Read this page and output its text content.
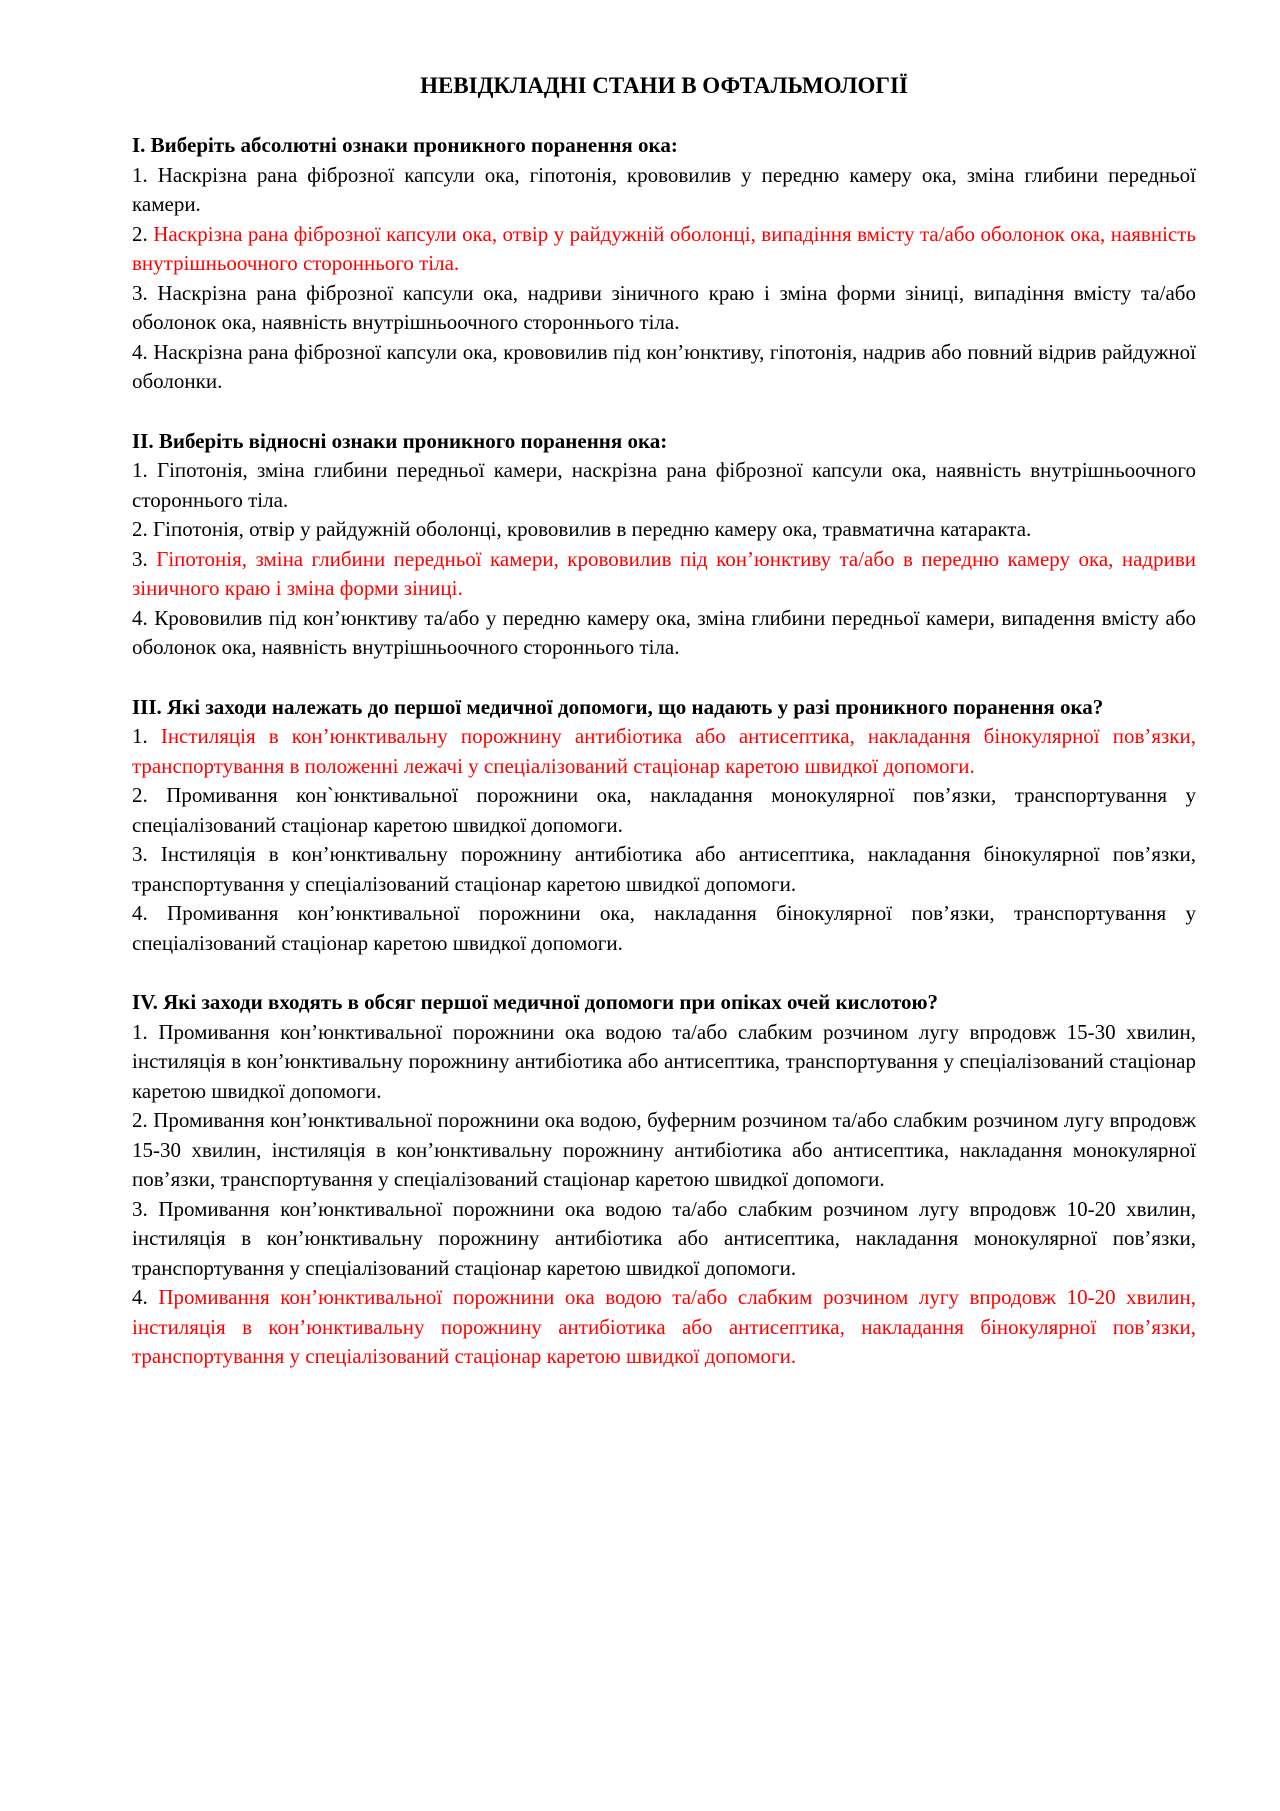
НЕВІДКЛАДНІ СТАНИ В ОФТАЛЬМОЛОГІЇ

I. Виберіть абсолютні ознаки проникного поранення ока:

1. Наскрізна рана фіброзної капсули ока, гіпотонія, крововилив у передню камеру ока, зміна глибини передньої камери.

2. Наскрізна рана фіброзної капсули ока, отвір у райдужній оболонці, випадіння вмісту та/або оболонок ока, наявність внутрішньоочного стороннього тіла.

3. Наскрізна рана фіброзної капсули ока, надриви зіничного краю і зміна форми зіниці, випадіння вмісту та/або оболонок ока, наявність внутрішньоочного стороннього тіла.

4. Наскрізна рана фіброзної капсули ока, крововилив під кон’юнктиву, гіпотонія, надрив або повний відрив райдужної оболонки.

II. Виберіть відносні ознаки проникного поранення ока:

1. Гіпотонія, зміна глибини передньої камери, наскрізна рана фіброзної капсули ока, наявність внутрішньоочного стороннього тіла.

2. Гіпотонія, отвір у райдужній оболонці, крововилив в передню камеру ока, травматична катаракта.

3. Гіпотонія, зміна глибини передньої камери, крововилив під кон’юнктиву та/або в передню камеру ока, надриви зіничного краю і зміна форми зіниці.

4. Крововилив під кон’юнктиву та/або у передню камеру ока, зміна глибини передньої камери, випадення вмісту або оболонок ока, наявність внутрішньоочного стороннього тіла.

III. Які заходи належать до першої медичної допомоги, що надають у разі проникного поранення ока?

1. Інстиляція в кон’юнктивальну порожнину антибіотика або антисептика, накладання бінокулярної пов’язки, транспортування в положенні лежачі у спеціалізований стаціонар каретою швидкої допомоги.

2. Промивання кон`юнктивальної порожнини ока, накладання монокулярної пов’язки, транспортування у спеціалізований стаціонар каретою швидкої допомоги.

3. Інстиляція в кон’юнктивальну порожнину антибіотика або антисептика, накладання бінокулярної пов’язки, транспортування у спеціалізований стаціонар каретою швидкої допомоги.

4. Промивання кон’юнктивальної порожнини ока, накладання бінокулярної пов’язки, транспортування у спеціалізований стаціонар каретою швидкої допомоги.

IV. Які заходи входять в обсяг першої медичної допомоги при опіках очей кислотою?

1. Промивання кон’юнктивальної порожнини ока водою та/або слабким розчином лугу впродовж 15-30 хвилин, інстиляція в кон’юнктивальну порожнину антибіотика або антисептика, транспортування у спеціалізований стаціонар каретою швидкої допомоги.

2. Промивання кон’юнктивальної порожнини ока водою, буферним розчином та/або слабким розчином лугу впродовж 15-30 хвилин, інстиляція в кон’юнктивальну порожнину антибіотика або антисептика, накладання монокулярної пов’язки, транспортування у спеціалізований стаціонар каретою швидкої допомоги.

3. Промивання кон’юнктивальної порожнини ока водою та/або слабким розчином лугу впродовж 10-20 хвилин, інстиляція в кон’юнктивальну порожнину антибіотика або антисептика, накладання монокулярної пов’язки, транспортування у спеціалізований стаціонар каретою швидкої допомоги.

4. Промивання кон’юнктивальної порожнини ока водою та/або слабким розчином лугу впродовж 10-20 хвилин, інстиляція в кон’юнктивальну порожнину антибіотика або антисептика, накладання бінокулярної пов’язки, транспортування у спеціалізований стаціонар каретою швидкої допомоги.
